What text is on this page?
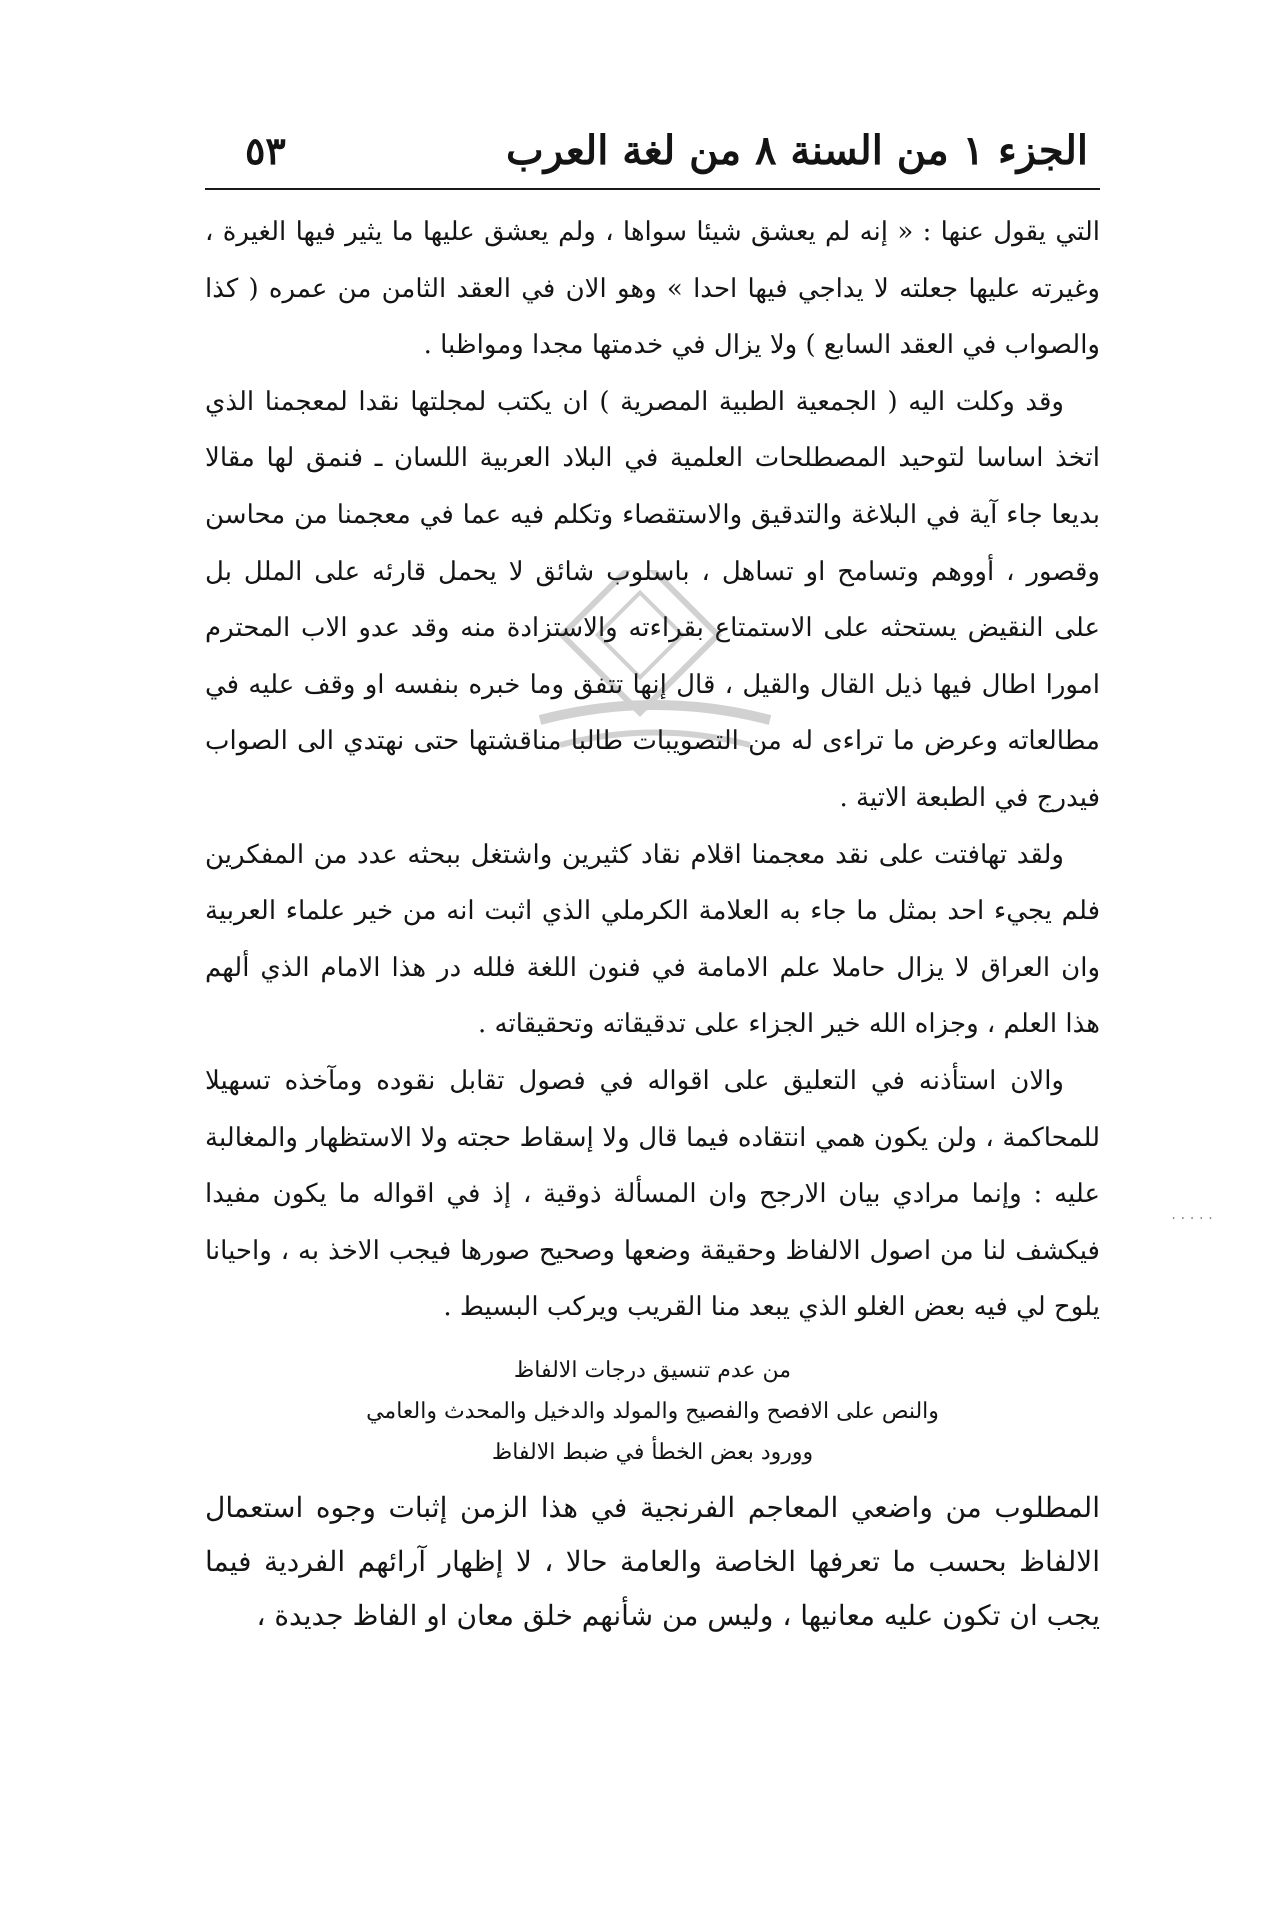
الجزء ١ من السنة ٨ من لغة العرب
٥٣

التي يقول عنها : « إنه لم يعشق شيئا سواها ، ولم يعشق عليها ما يثير فيها الغيرة ، وغيرته عليها جعلته لا يداجي فيها احدا » وهو الان في العقد الثامن من عمره ( كذا والصواب في العقد السابع ) ولا يزال في خدمتها مجدا ومواظبا .

وقد وكلت اليه ( الجمعية الطبية المصرية ) ان يكتب لمجلتها نقدا لمعجمنا الذي اتخذ اساسا لتوحيد المصطلحات العلمية في البلاد العربية اللسان ـ فنمق لها مقالا بديعا جاء آية في البلاغة والتدقيق والاستقصاء وتكلم فيه عما في معجمنا من محاسن وقصور ، أووهم وتسامح او تساهل ، باسلوب شائق لا يحمل قارئه على الملل بل على النقيض يستحثه على الاستمتاع بقراءته والاستزادة منه وقد عدو الاب المحترم امورا اطال فيها ذيل القال والقيل ، قال إنها تتفق وما خبره بنفسه او وقف عليه في مطالعاته وعرض ما تراءى له من التصويبات طالبا مناقشتها حتى نهتدي الى الصواب فيدرج في الطبعة الاتية .

ولقد تهافتت على نقد معجمنا اقلام نقاد كثيرين واشتغل ببحثه عدد من المفكرين فلم يجيء احد بمثل ما جاء به العلامة الكرملي الذي اثبت انه من خير علماء العربية وان العراق لا يزال حاملا علم الامامة في فنون اللغة فلله در هذا الامام الذي ألهم هذا العلم ، وجزاه الله خير الجزاء على تدقيقاته وتحقيقاته .

والان استأذنه في التعليق على اقواله في فصول تقابل نقوده ومآخذه تسهيلا للمحاكمة ، ولن يكون همي انتقاده فيما قال ولا إسقاط حجته ولا الاستظهار والمغالبة عليه : وإنما مرادي بيان الارجح وان المسألة ذوقية ، إذ في اقواله ما يكون مفيدا فيكشف لنا من اصول الالفاظ وحقيقة وضعها وصحيح صورها فيجب الاخذ به ، واحيانا يلوح لي فيه بعض الغلو الذي يبعد منا القريب ويركب البسيط .

من عدم تنسيق درجات الالفاظ
والنص على الافصح والفصيح والمولد والدخيل والمحدث والعامي
وورود بعض الخطأ في ضبط الالفاظ

المطلوب من واضعي المعاجم الفرنجية في هذا الزمن إثبات وجوه استعمال الالفاظ بحسب ما تعرفها الخاصة والعامة حالا ، لا إظهار آرائهم الفردية فيما يجب ان تكون عليه معانيها ، وليس من شأنهم خلق معان او الفاظ جديدة ،

.....
